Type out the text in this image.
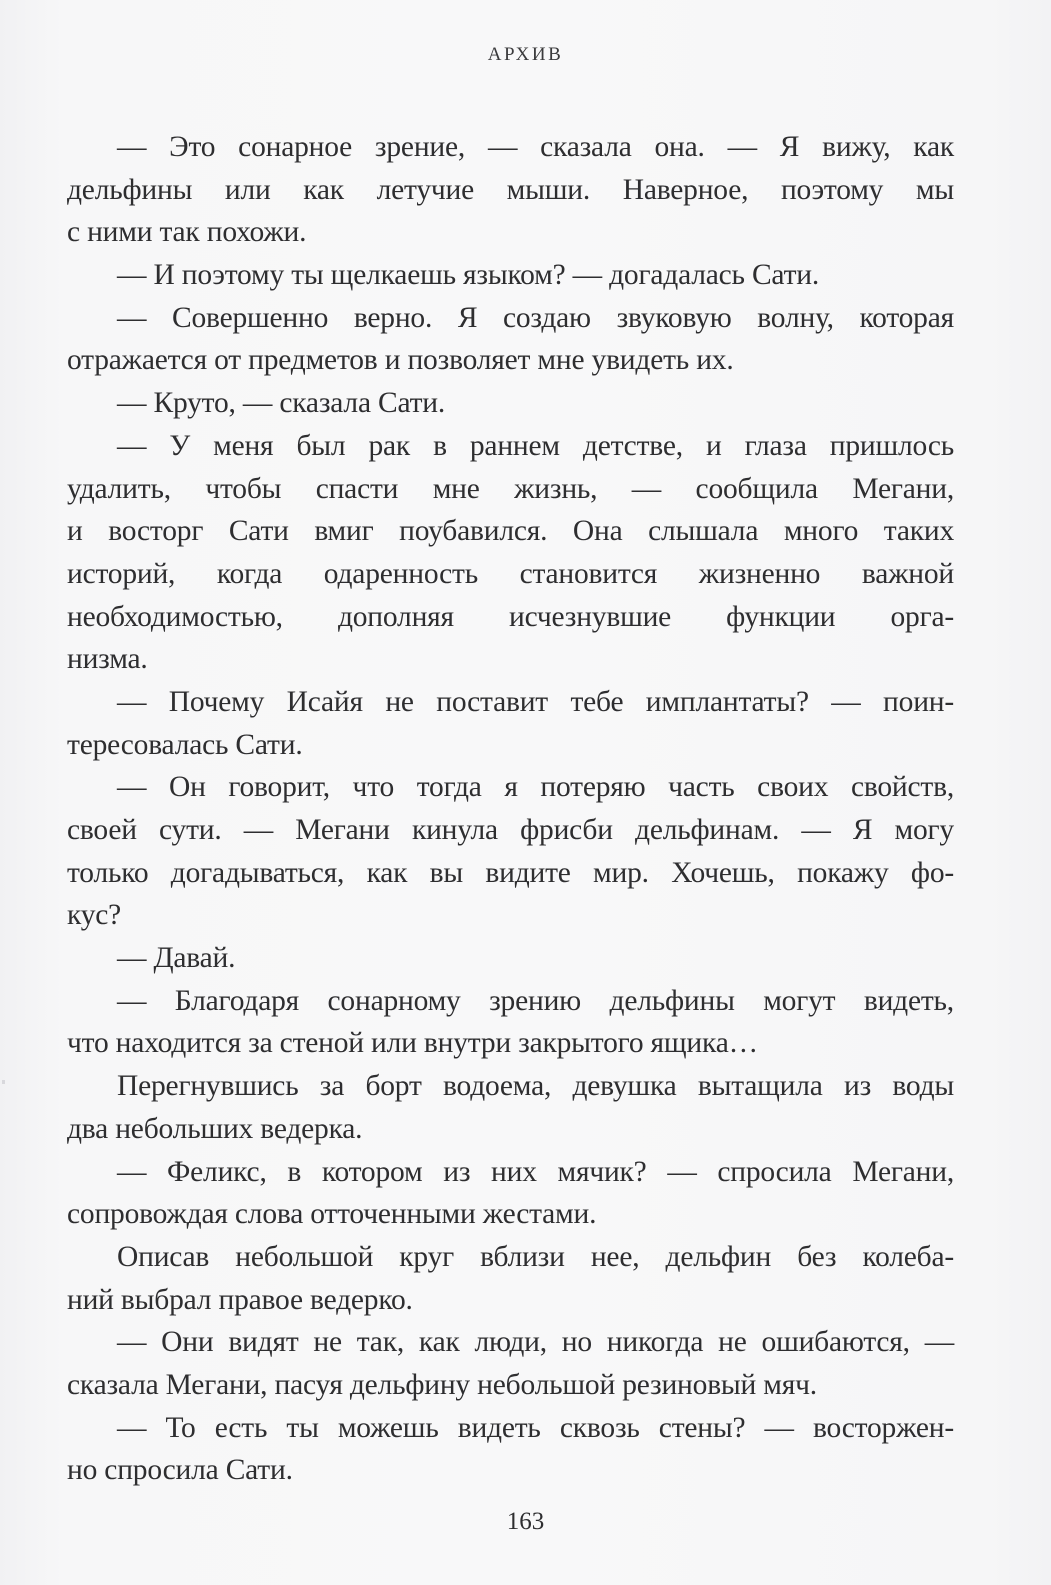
АРХИВ
— Это сонарное зрение, — сказала она. — Я вижу, как
дельфины или как летучие мыши. Наверное, поэтому мы
с ними так похожи.
— И поэтому ты щелкаешь языком? — догадалась Сати.
— Совершенно верно. Я создаю звуковую волну, которая
отражается от предметов и позволяет мне увидеть их.
— Круто, — сказала Сати.
— У меня был рак в раннем детстве, и глаза пришлось
удалить, чтобы спасти мне жизнь, — сообщила Мегани,
и восторг Сати вмиг поубавился. Она слышала много таких
историй, когда одаренность становится жизненно важной
необходимостью, дополняя исчезнувшие функции орга-
низма.
— Почему Исайя не поставит тебе имплантаты? — поин-
тересовалась Сати.
— Он говорит, что тогда я потеряю часть своих свойств,
своей сути. — Мегани кинула фрисби дельфинам. — Я могу
только догадываться, как вы видите мир. Хочешь, покажу фо-
кус?
— Давай.
— Благодаря сонарному зрению дельфины могут видеть,
что находится за стеной или внутри закрытого ящика…
Перегнувшись за борт водоема, девушка вытащила из воды
два небольших ведерка.
— Феликс, в котором из них мячик? — спросила Мегани,
сопровождая слова отточенными жестами.
Описав небольшой круг вблизи нее, дельфин без колеба-
ний выбрал правое ведерко.
— Они видят не так, как люди, но никогда не ошибаются, —
сказала Мегани, пасуя дельфину небольшой резиновый мяч.
— То есть ты можешь видеть сквозь стены? — восторжен-
но спросила Сати.
163
